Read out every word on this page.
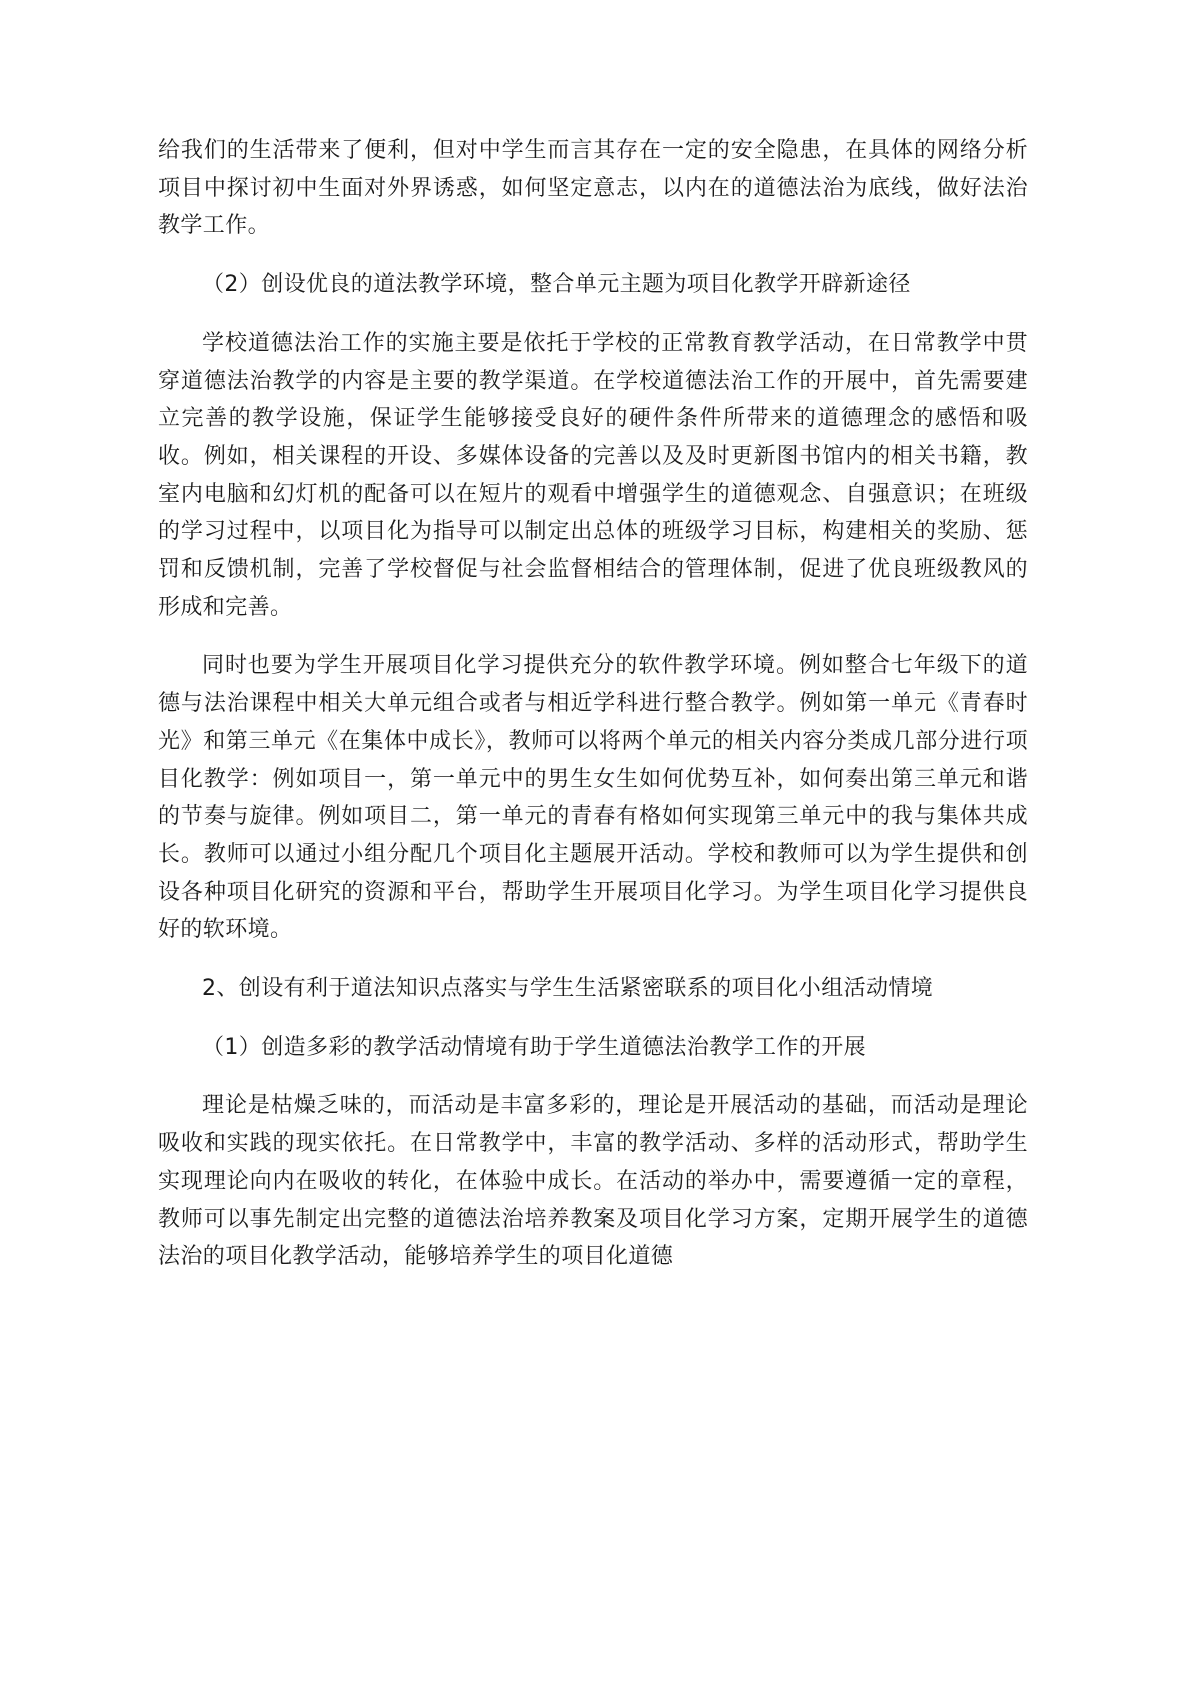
给我们的生活带来了便利，但对中学生而言其存在一定的安全隐患，在具体的网络分析项目中探讨初中生面对外界诱惑，如何坚定意志，以内在的道德法治为底线，做好法治教学工作。

（2）创设优良的道法教学环境，整合单元主题为项目化教学开辟新途径

学校道德法治工作的实施主要是依托于学校的正常教育教学活动，在日常教学中贯穿道德法治教学的内容是主要的教学渠道。在学校道德法治工作的开展中，首先需要建立完善的教学设施，保证学生能够接受良好的硬件条件所带来的道德理念的感悟和吸收。例如，相关课程的开设、多媒体设备的完善以及及时更新图书馆内的相关书籍，教室内电脑和幻灯机的配备可以在短片的观看中增强学生的道德观念、自强意识；在班级的学习过程中，以项目化为指导可以制定出总体的班级学习目标，构建相关的奖励、惩罚和反馈机制，完善了学校督促与社会监督相结合的管理体制，促进了优良班级教风的形成和完善。

同时也要为学生开展项目化学习提供充分的软件教学环境。例如整合七年级下的道德与法治课程中相关大单元组合或者与相近学科进行整合教学。例如第一单元《青春时光》和第三单元《在集体中成长》，教师可以将两个单元的相关内容分类成几部分进行项目化教学：例如项目一，第一单元中的男生女生如何优势互补，如何奏出第三单元和谐的节奏与旋律。例如项目二，第一单元的青春有格如何实现第三单元中的我与集体共成长。教师可以通过小组分配几个项目化主题展开活动。学校和教师可以为学生提供和创设各种项目化研究的资源和平台，帮助学生开展项目化学习。为学生项目化学习提供良好的软环境。

2、创设有利于道法知识点落实与学生生活紧密联系的项目化小组活动情境

（1）创造多彩的教学活动情境有助于学生道德法治教学工作的开展

理论是枯燥乏味的，而活动是丰富多彩的，理论是开展活动的基础，而活动是理论吸收和实践的现实依托。在日常教学中，丰富的教学活动、多样的活动形式，帮助学生实现理论向内在吸收的转化，在体验中成长。在活动的举办中，需要遵循一定的章程，教师可以事先制定出完整的道德法治培养教案及项目化学习方案，定期开展学生的道德法治的项目化教学活动，能够培养学生的项目化道德
